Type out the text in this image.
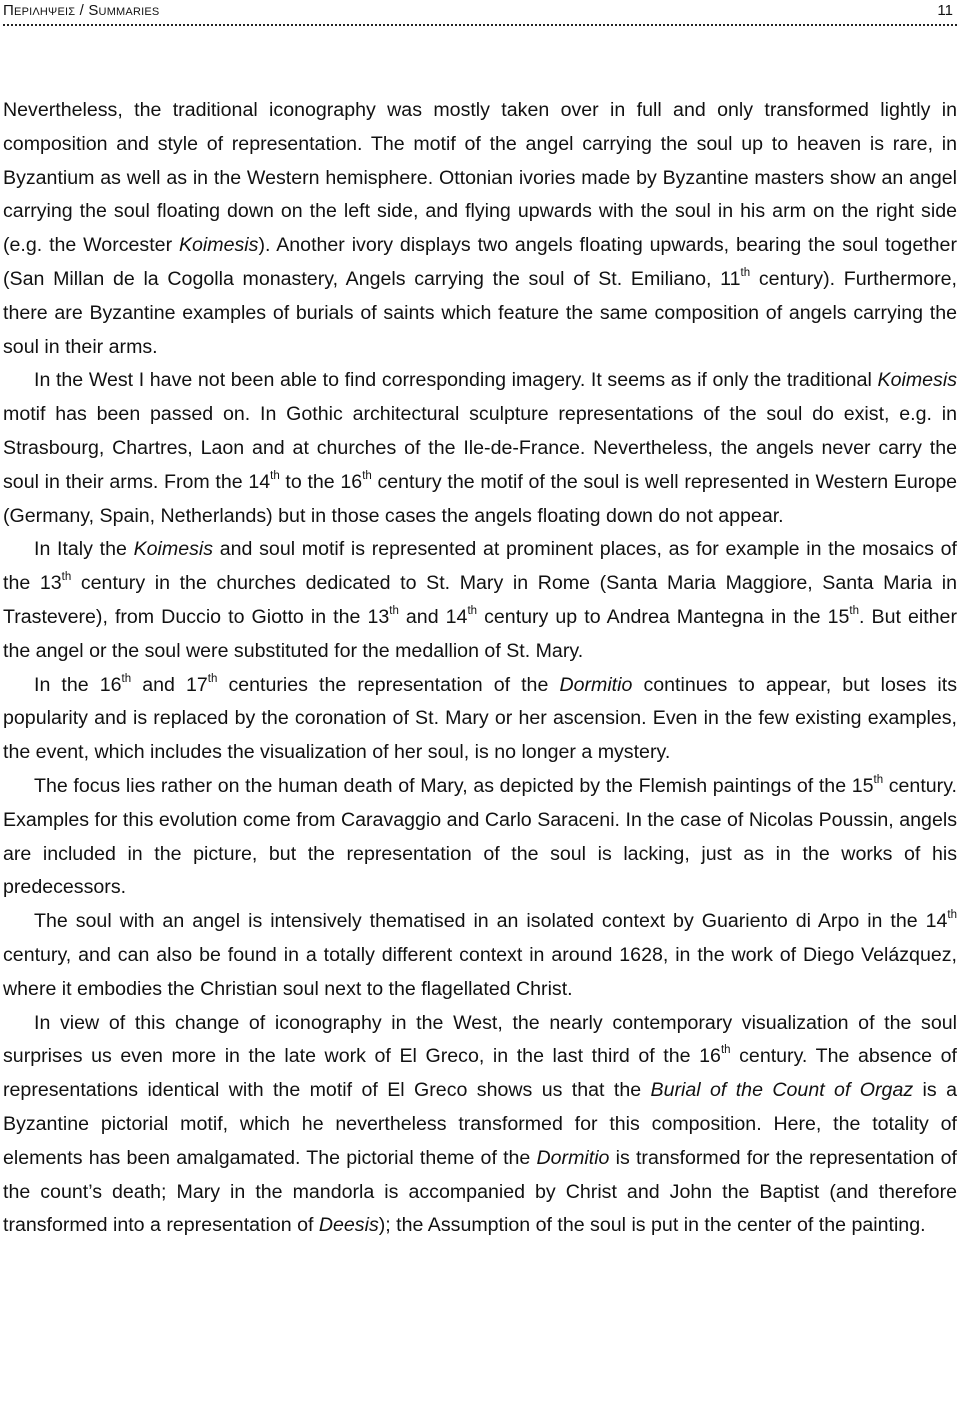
Περιληψεισ / Summaries	11

Nevertheless, the traditional iconography was mostly taken over in full and only transformed lightly in composition and style of representation. The motif of the angel carrying the soul up to heaven is rare, in Byzantium as well as in the Western hemisphere. Ottonian ivories made by Byzantine masters show an angel carrying the soul floating down on the left side, and flying upwards with the soul in his arm on the right side (e.g. the Worcester Koimesis). Another ivory displays two angels floating upwards, bearing the soul together (San Millan de la Cogolla monastery, Angels carrying the soul of St. Emiliano, 11th century). Furthermore, there are Byzantine examples of burials of saints which feature the same composition of angels carrying the soul in their arms.

In the West I have not been able to find corresponding imagery. It seems as if only the traditional Koimesis motif has been passed on. In Gothic architectural sculpture representations of the soul do exist, e.g. in Strasbourg, Chartres, Laon and at churches of the Ile-de-France. Nevertheless, the angels never carry the soul in their arms. From the 14th to the 16th century the motif of the soul is well represented in Western Europe (Germany, Spain, Netherlands) but in those cases the angels floating down do not appear.

In Italy the Koimesis and soul motif is represented at prominent places, as for example in the mosaics of the 13th century in the churches dedicated to St. Mary in Rome (Santa Maria Maggiore, Santa Maria in Trastevere), from Duccio to Giotto in the 13th and 14th century up to Andrea Mantegna in the 15th. But either the angel or the soul were substituted for the medallion of St. Mary.

In the 16th and 17th centuries the representation of the Dormitio continues to appear, but loses its popularity and is replaced by the coronation of St. Mary or her ascension. Even in the few existing examples, the event, which includes the visualization of her soul, is no longer a mystery.

The focus lies rather on the human death of Mary, as depicted by the Flemish paintings of the 15th century. Examples for this evolution come from Caravaggio and Carlo Saraceni. In the case of Nicolas Poussin, angels are included in the picture, but the representation of the soul is lacking, just as in the works of his predecessors.

The soul with an angel is intensively thematised in an isolated context by Guariento di Arpo in the 14th century, and can also be found in a totally different context in around 1628, in the work of Diego Velázquez, where it embodies the Christian soul next to the flagellated Christ.

In view of this change of iconography in the West, the nearly contemporary visualization of the soul surprises us even more in the late work of El Greco, in the last third of the 16th century. The absence of representations identical with the motif of El Greco shows us that the Burial of the Count of Orgaz is a Byzantine pictorial motif, which he nevertheless transformed for this composition. Here, the totality of elements has been amalgamated. The pictorial theme of the Dormitio is transformed for the representation of the count’s death; Mary in the mandorla is accompanied by Christ and John the Baptist (and therefore transformed into a representation of Deesis); the Assumption of the soul is put in the center of the painting.
